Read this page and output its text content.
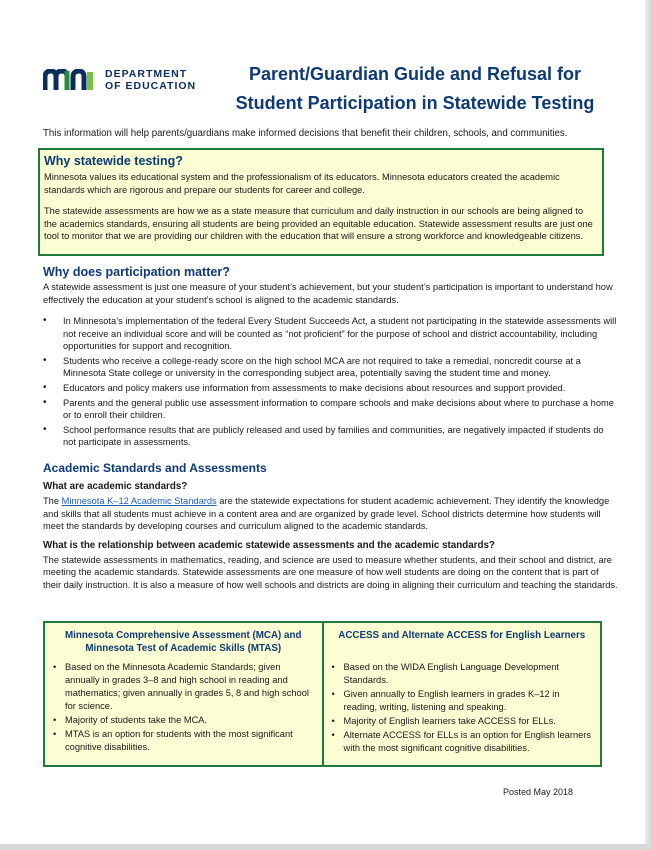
DEPARTMENT
OF EDUCATION
Parent/Guardian Guide and Refusal for
Student Participation in Statewide Testing
This information will help parents/guardians make informed decisions that benefit their children, schools, and communities.
Why statewide testing?

Minnesota values its educational system and the professionalism of its educators. Minnesota educators created the academic standards which are rigorous and prepare our students for career and college.

The statewide assessments are how we as a state measure that curriculum and daily instruction in our schools are being aligned to the academics standards, ensuring all students are being provided an equitable education. Statewide assessment results are just one tool to monitor that we are providing our children with the education that will ensure a strong workforce and knowledgeable citizens.

Why does participation matter?

A statewide assessment is just one measure of your student’s achievement, but your student’s participation is important to understand how effectively the education at your student’s school is aligned to the academic standards.

• In Minnesota’s implementation of the federal Every Student Succeeds Act, a student not participating in the statewide assessments will not receive an individual score and will be counted as “not proficient” for the purpose of school and district accountability, including opportunities for support and recognition.
• Students who receive a college-ready score on the high school MCA are not required to take a remedial, noncredit course at a Minnesota State college or university in the corresponding subject area, potentially saving the student time and money.
• Educators and policy makers use information from assessments to make decisions about resources and support provided.
• Parents and the general public use assessment information to compare schools and make decisions about where to purchase a home or to enroll their children.
• School performance results that are publicly released and used by families and communities, are negatively impacted if students do not participate in assessments.
Academic Standards and Assessments
What are academic standards?

The Minnesota K–12 Academic Standards are the statewide expectations for student academic achievement. They identify the knowledge and skills that all students must achieve in a content area and are organized by grade level. School districts determine how students will meet the standards by developing courses and curriculum aligned to the academic standards.

What is the relationship between academic statewide assessments and the academic standards?

The statewide assessments in mathematics, reading, and science are used to measure whether students, and their school and district, are meeting the academic standards. Statewide assessments are one measure of how well students are doing on the content that is part of their daily instruction. It is also a measure of how well schools and districts are doing in aligning their curriculum and teaching the standards.

Minnesota Comprehensive Assessment (MCA) and Minnesota Test of Academic Skills (MTAS)
• Based on the Minnesota Academic Standards; given annually in grades 3–8 and high school in reading and mathematics; given annually in grades 5, 8 and high school for science.
• Majority of students take the MCA.
• MTAS is an option for students with the most significant cognitive disabilities.
ACCESS and Alternate ACCESS for English Learners
• Based on the WIDA English Language Development Standards.
• Given annually to English learners in grades K–12 in reading, writing, listening and speaking.
• Majority of English learners take ACCESS for ELLs.
• Alternate ACCESS for ELLs is an option for English learners with the most significant cognitive disabilities.
Posted May 2018
